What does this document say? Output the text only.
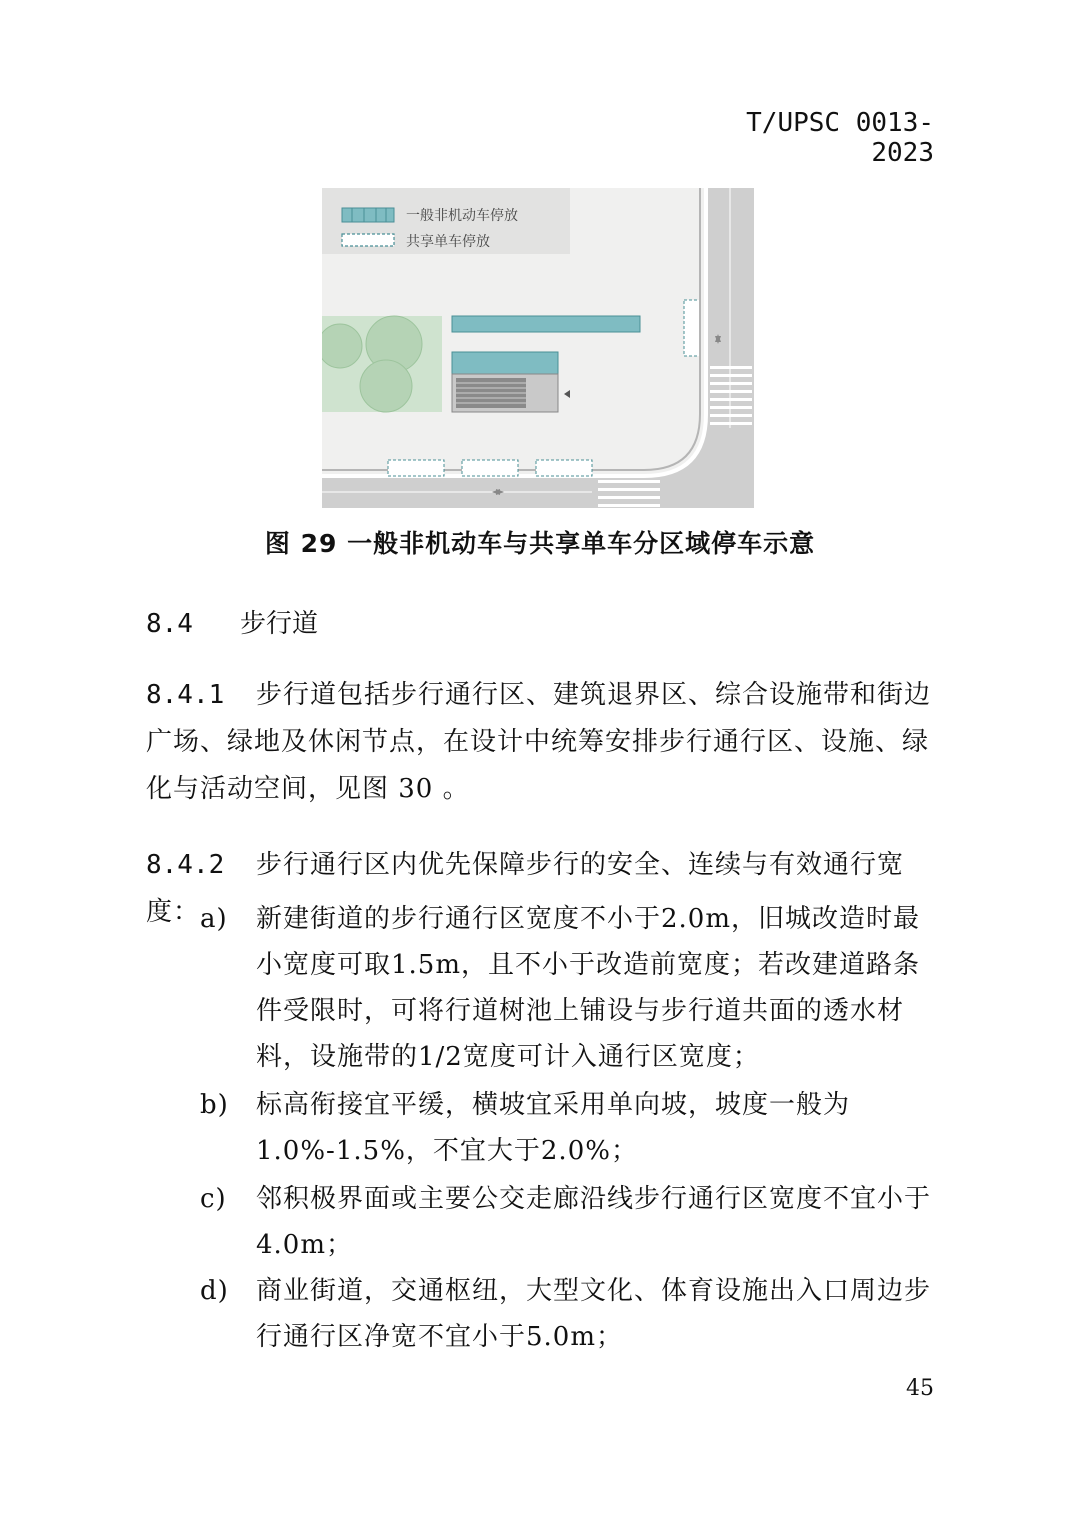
T/UPSC 0013-2023
一般非机动车停放
共享单车停放
图 29 一般非机动车与共享单车分区域停车示意
8.4 步行道
8.4.1 步行道包括步行通行区、建筑退界区、综合设施带和街边广场、绿地及休闲节点，在设计中统筹安排步行通行区、设施、绿化与活动空间，见图 30 。
8.4.2 步行通行区内优先保障步行的安全、连续与有效通行宽度： a) 新建街道的步行通行区宽度不小于2.0m，旧城改造时最小宽度可取1.5m，且不小于改造前宽度；若改建道路条件受限时，可将行道树池上铺设与步行道共面的透水材料，设施带的1/2宽度可计入通行区宽度；
b) 标高衔接宜平缓，横坡宜采用单向坡，坡度一般为1.0%-1.5%，不宜大于2.0%；
c) 邻积极界面或主要公交走廊沿线步行通行区宽度不宜小于4.0m；
d) 商业街道，交通枢纽，大型文化、体育设施出入口周边步行通行区净宽不宜小于5.0m；
45
